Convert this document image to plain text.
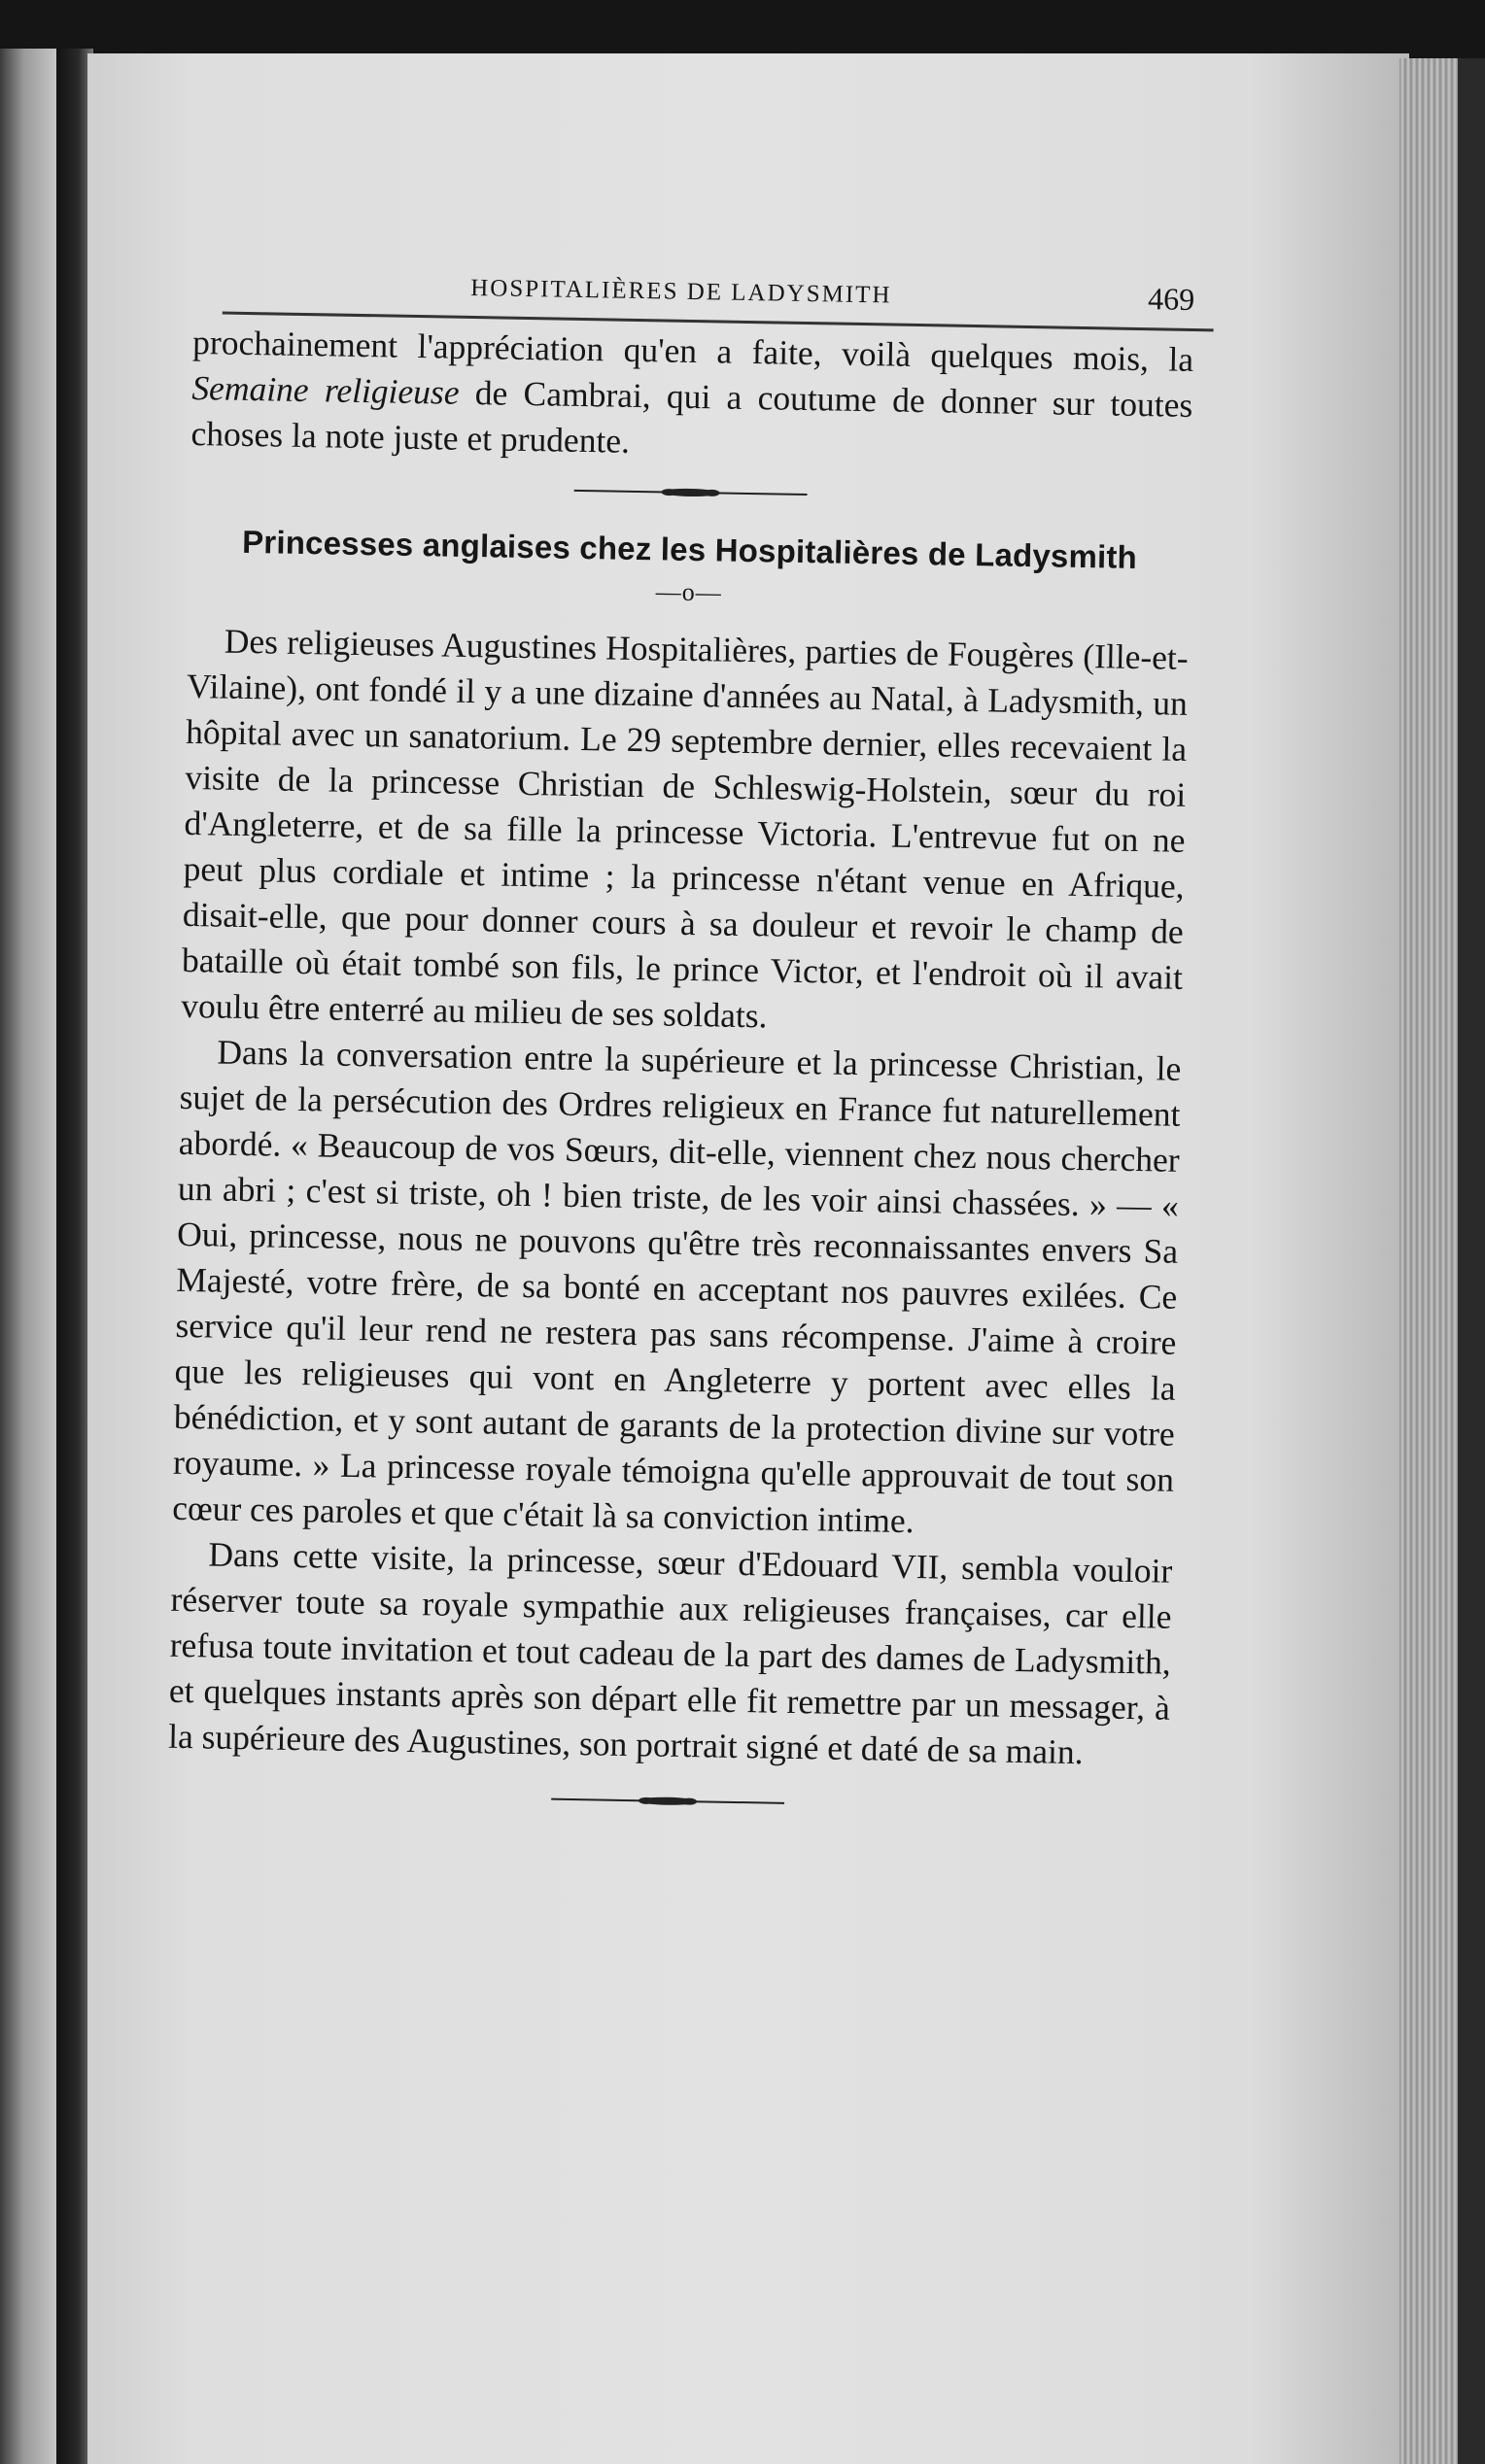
HOSPITALIÈRES DE LADYSMITH	469

prochainement l'appréciation qu'en a faite, voilà quelques mois, la Semaine religieuse de Cambrai, qui a coutume de donner sur toutes choses la note juste et prudente.

Princesses anglaises chez les Hospitalières de Ladysmith
—o—

Des religieuses Augustines Hospitalières, parties de Fougères (Ille-et-Vilaine), ont fondé il y a une dizaine d'années au Natal, à Ladysmith, un hôpital avec un sanatorium. Le 29 septembre dernier, elles recevaient la visite de la princesse Christian de Schleswig-Holstein, sœur du roi d'Angleterre, et de sa fille la princesse Victoria. L'entrevue fut on ne peut plus cordiale et intime ; la princesse n'étant venue en Afrique, disait-elle, que pour donner cours à sa douleur et revoir le champ de bataille où était tombé son fils, le prince Victor, et l'endroit où il avait voulu être enterré au milieu de ses soldats.

Dans la conversation entre la supérieure et la princesse Christian, le sujet de la persécution des Ordres religieux en France fut naturellement abordé. « Beaucoup de vos Sœurs, dit-elle, viennent chez nous chercher un abri ; c'est si triste, oh ! bien triste, de les voir ainsi chassées. » — « Oui, princesse, nous ne pouvons qu'être très reconnaissantes envers Sa Majesté, votre frère, de sa bonté en acceptant nos pauvres exilées. Ce service qu'il leur rend ne restera pas sans récompense. J'aime à croire que les religieuses qui vont en Angleterre y portent avec elles la bénédiction, et y sont autant de garants de la protection divine sur votre royaume. » La princesse royale témoigna qu'elle approuvait de tout son cœur ces paroles et que c'était là sa conviction intime.

Dans cette visite, la princesse, sœur d'Edouard VII, sembla vouloir réserver toute sa royale sympathie aux religieuses françaises, car elle refusa toute invitation et tout cadeau de la part des dames de Ladysmith, et quelques instants après son départ elle fit remettre par un messager, à la supérieure des Augustines, son portrait signé et daté de sa main.
